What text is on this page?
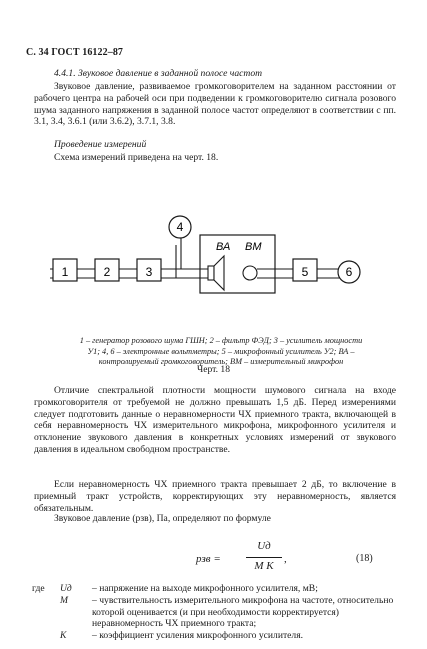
С. 34 ГОСТ 16122–87
4.4.1. Звуковое давление в заданной полосе частот
Звуковое давление, развиваемое громкоговорителем на заданном расстоянии от рабочего центра на рабочей оси при подведении к громкоговорителю сигнала розового шума заданного напряжения в заданной полосе частот определяют в соответствии с пп. 3.1, 3.4, 3.6.1 (или 3.6.2), 3.7.1, 3.8.
Проведение измерений
Схема измерений приведена на черт. 18.
1	2	3
4
5	6
ВА ВМ
1 – генератор розового шума ГШН; 2 – фильтр ФЭД; 3 – усилитель мощности У1; 4, 6 – электронные вольтметры; 5 – микрофонный усилитель У2; ВА – контролируемый громкоговоритель; ВМ – измерительный микрофон
Черт. 18
Отличие спектральной плотности мощности шумового сигнала на входе громкоговорителя от требуемой не должно превышать 1,5 дБ. Перед измерениями следует подготовить данные о неравномерности ЧХ приемного тракта, включающей в себя неравномерность ЧХ измерительного микрофона, микрофонного усилителя и отклонение звукового давления в конкретных условиях измерений от звукового давления в идеальном свободном пространстве.
Если неравномерность ЧХ приемного тракта превышает 2 дБ, то включение в приемный тракт устройств, корректирующих эту неравномерность, является обязательным.
Звуковое давление (pзв), Па, определяют по формуле
pзв =
Uд
M K
,	(18)
где Uд – напряжение на выходе микрофонного усилителя, мВ;
M	– чувствительность измерительного микрофона на частоте, относительно которой оценивается (и при необходимости корректируется) неравномерность ЧХ приемного тракта;
K	– коэффициент усиления микрофонного усилителя.
